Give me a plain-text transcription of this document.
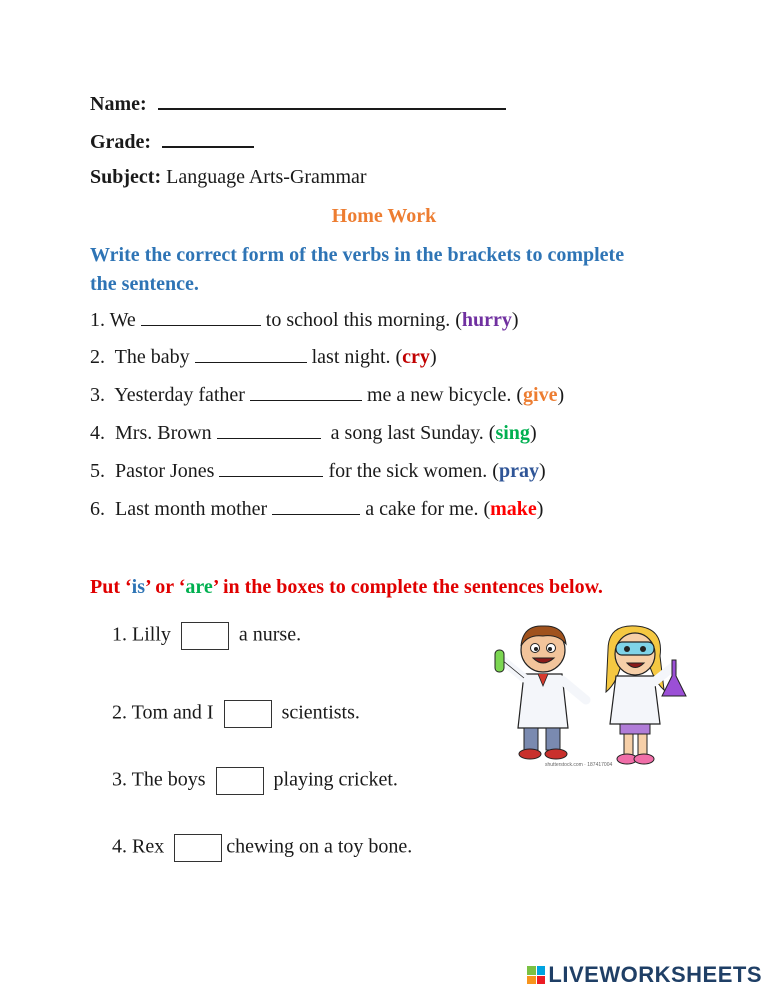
Name:
Grade:
Subject: Language Arts-Grammar
Home Work
Write the correct form of the verbs in the brackets to complete the sentence.
1. We	to school this morning. (hurry)
2. The baby	last night. (cry)
3. Yesterday father	me a new bicycle. (give)
4. Mrs. Brown	a song last Sunday. (sing)
5. Pastor Jones	for the sick women. (pray)
6. Last month mother	a cake for me. (make)
Put ‘is’ or ‘are’ in the boxes to complete the sentences below.
1. Lilly	a nurse.
2. Tom and I	scientists.
3. The boys	playing cricket.
4. Rex	chewing on a toy bone.
shutterstock.com · 187417004
LIVEWORKSHEETS
